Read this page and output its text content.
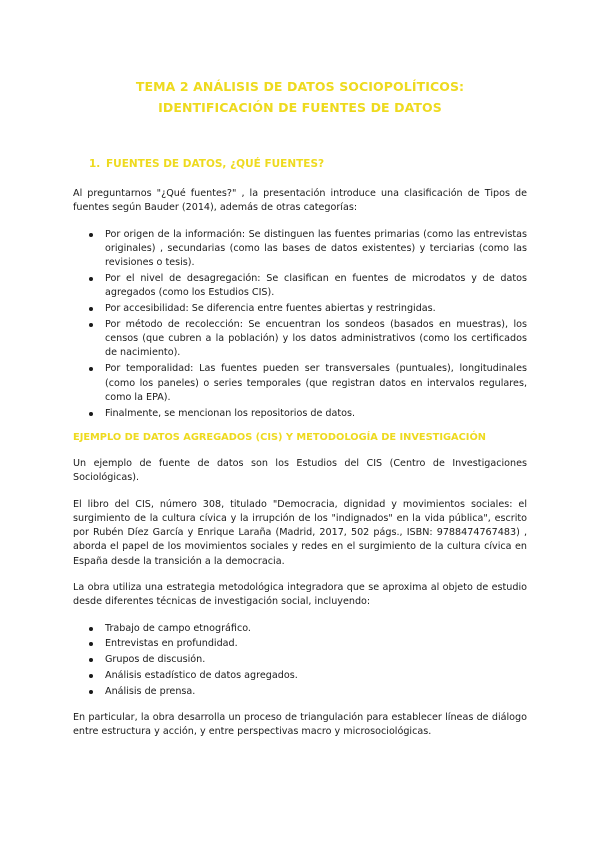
TEMA 2 ANÁLISIS DE DATOS SOCIOPOLÍTICOS:
IDENTIFICACIÓN DE FUENTES DE DATOS
1. FUENTES DE DATOS, ¿QUÉ FUENTES?

Al preguntarnos "¿Qué fuentes?" , la presentación introduce una clasificación de Tipos de fuentes según Bauder (2014), además de otras categorías:

Por origen de la información: Se distinguen las fuentes primarias (como las entrevistas originales) , secundarias (como las bases de datos existentes) y terciarias (como las revisiones o tesis).
Por el nivel de desagregación: Se clasifican en fuentes de microdatos y de datos agregados (como los Estudios CIS).
Por accesibilidad: Se diferencia entre fuentes abiertas y restringidas.
Por método de recolección: Se encuentran los sondeos (basados en muestras), los censos (que cubren a la población) y los datos administrativos (como los certificados de nacimiento).
Por temporalidad: Las fuentes pueden ser transversales (puntuales), longitudinales (como los paneles) o series temporales (que registran datos en intervalos regulares, como la EPA).
Finalmente, se mencionan los repositorios de datos.
EJEMPLO DE DATOS AGREGADOS (CIS) Y METODOLOGÍA DE INVESTIGACIÓN

Un ejemplo de fuente de datos son los Estudios del CIS (Centro de Investigaciones Sociológicas).

El libro del CIS, número 308, titulado "Democracia, dignidad y movimientos sociales: el surgimiento de la cultura cívica y la irrupción de los "indignados" en la vida pública", escrito por Rubén Díez García y Enrique Laraña (Madrid, 2017, 502 págs., ISBN: 9788474767483) , aborda el papel de los movimientos sociales y redes en el surgimiento de la cultura cívica en España desde la transición a la democracia.

La obra utiliza una estrategia metodológica integradora que se aproxima al objeto de estudio desde diferentes técnicas de investigación social, incluyendo:

Trabajo de campo etnográfico.
Entrevistas en profundidad.
Grupos de discusión.
Análisis estadístico de datos agregados.
Análisis de prensa.

En particular, la obra desarrolla un proceso de triangulación para establecer líneas de diálogo entre estructura y acción, y entre perspectivas macro y microsociológicas.
